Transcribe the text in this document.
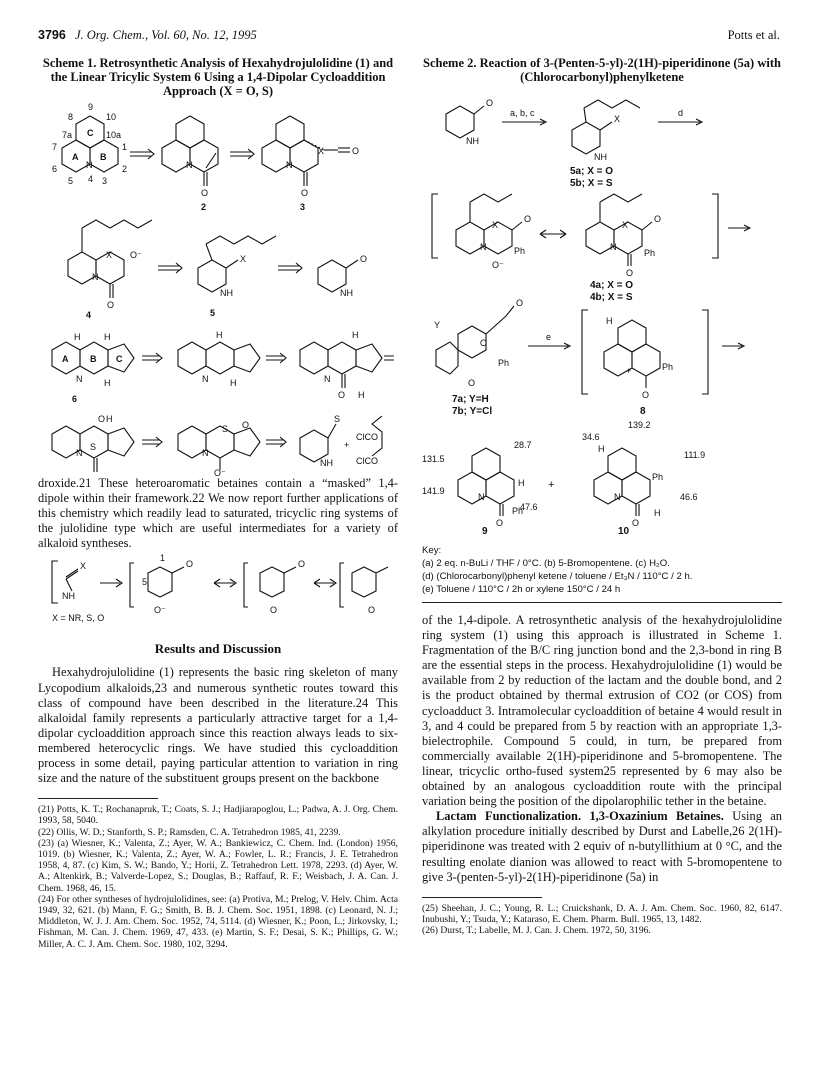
3796 J. Org. Chem., Vol. 60, No. 12, 1995	Potts et al.
Scheme 1. Retrosynthetic Analysis of Hexahydrojulolidine (1) and the Linear Tricylic System 6 Using a 1,4-Dipolar Cycloaddition Approach (X = O, S)
9
8	10
7a	10a
7	1
6
5 4 3
2
C
A B
N
O
N
2
X	O
O
N
3
O
X O⁻
N
4
X
NH
5
O
NH
A B C
H	H
N H
6
H
N H
O
H
N
H
O H
N
S
S O
N
O⁻
S
NH
+
ClCO
ClCO

droxide.21 These heteroaromatic betaines contain a “masked” 1,4-dipole within their framework.22 We now report further applications of this chemistry which readily lead to saturated, tricyclic ring systems of the julolidine type which are useful intermediates for a variety of alkaloid syntheses.

X
NH
X = NR, S, O
O
5
1
O⁻
O
O	O
Results and Discussion

Hexahydrojulolidine (1) represents the basic ring skeleton of many Lycopodium alkaloids,23 and numerous synthetic routes toward this class of compound have been described in the literature.24 This alkaloidal family represents a particularly attractive target for a 1,4-dipolar cycloaddition approach since this reaction always leads to six-membered heterocyclic rings. We have studied this cycloaddition process in some detail, paying particular attention to variation in ring size and the nature of the substituent groups present on the backbone

(21) Potts, K. T.; Rochanapruk, T.; Coats, S. J.; Hadjiarapoglou, L.; Padwa, A. J. Org. Chem. 1993, 58, 5040.

(22) Ollis, W. D.; Stanforth, S. P.; Ramsden, C. A. Tetrahedron 1985, 41, 2239.

(23) (a) Wiesner, K.; Valenta, Z.; Ayer, W. A.; Bankiewicz, C. Chem. Ind. (London) 1956, 1019. (b) Wiesner, K.; Valenta, Z.; Ayer, W. A.; Fowler, L. R.; Francis, J. E. Tetrahedron 1958, 4, 87. (c) Kim, S. W.; Bando, Y.; Horii, Z. Tetrahedron Lett. 1978, 2293. (d) Ayer, W. A.; Altenkirk, B.; Valverde-Lopez, S.; Douglas, B.; Raffauf, R. F.; Weisbach, J. A. Can. J. Chem. 1968, 46, 15.

(24) For other syntheses of hydrojulolidines, see: (a) Protiva, M.; Prelog, V. Helv. Chim. Acta 1949, 32, 621. (b) Mann, F. G.; Smith, B. B. J. Chem. Soc. 1951, 1898. (c) Leonard, N. J.; Middleton, W. J. J. Am. Chem. Soc. 1952, 74, 5114. (d) Wiesner, K.; Poon, L.; Jirkovsky, I.; Fishman, M. Can. J. Chem. 1969, 47, 433. (e) Martin, S. F.; Desai, S. K.; Phillips, G. W.; Miller, A. C. J. Am. Chem. Soc. 1980, 102, 3294.

Scheme 2. Reaction of 3-(Penten-5-yl)-2(1H)-piperidinone (5a) with (Chlorocarbonyl)phenylketene
O
NH
a, b, c
X
NH
5a; X = O
5b; X = S
d
X
O
N	Ph
O⁻
X
O
N
Ph
O
4a; X = O
4b; X = S
Y
O
O
Ph
O
7a; Y=H
7b; Y=Cl
e
H
+	Ph
O
8
N
H
O
Ph
131.5
28.7
141.9
47.6
+
N
H
Ph
H
O
34.6
139.2
111.9
46.6
9	10
Key:
(a) 2 eq. n-BuLi / THF / 0°C. (b) 5-Bromopentene. (c) H₂O.
(d) (Chlorocarbonyl)phenyl ketene / toluene / Et₃N / 110°C / 2 h.
(e) Toluene / 110°C / 2h or xylene 150°C / 24 h

of the 1,4-dipole. A retrosynthetic analysis of the hexahydrojulolidine ring system (1) using this approach is illustrated in Scheme 1. Fragmentation of the B/C ring junction bond and the 2,3-bond in ring B are the essential steps in the process. Hexahydrojulolidine (1) would be available from 2 by reduction of the lactam and the double bond, and 2 is the product obtained by thermal extrusion of CO2 (or COS) from cycloadduct 3. Intramolecular cycloaddition of betaine 4 would result in 3, and 4 could be prepared from 5 by reaction with an appropriate 1,3-bielectrophile. Compound 5 could, in turn, be prepared from commercially available 2(1H)-piperidinone and 5-bromopentene. The linear, tricyclic ortho-fused system25 represented by 6 may also be obtained by an analogous cycloaddition route with the principal variation being the position of the dipolarophilic tether in the betaine.

Lactam Functionalization. 1,3-Oxazinium Betaines. Using an alkylation procedure initially described by Durst and Labelle,26 2(1H)-piperidinone was treated with 2 equiv of n-butyllithium at 0 °C, and the resulting enolate dianion was allowed to react with 5-bromopentene to give 3-(penten-5-yl)-2(1H)-piperidinone (5a) in

(25) Sheehan, J. C.; Young, R. L.; Cruickshank, D. A. J. Am. Chem. Soc. 1960, 82, 6147. Inubushi, Y.; Tsuda, Y.; Kataraso, E. Chem. Pharm. Bull. 1965, 13, 1482.

(26) Durst, T.; Labelle, M. J. Can. J. Chem. 1972, 50, 3196.
